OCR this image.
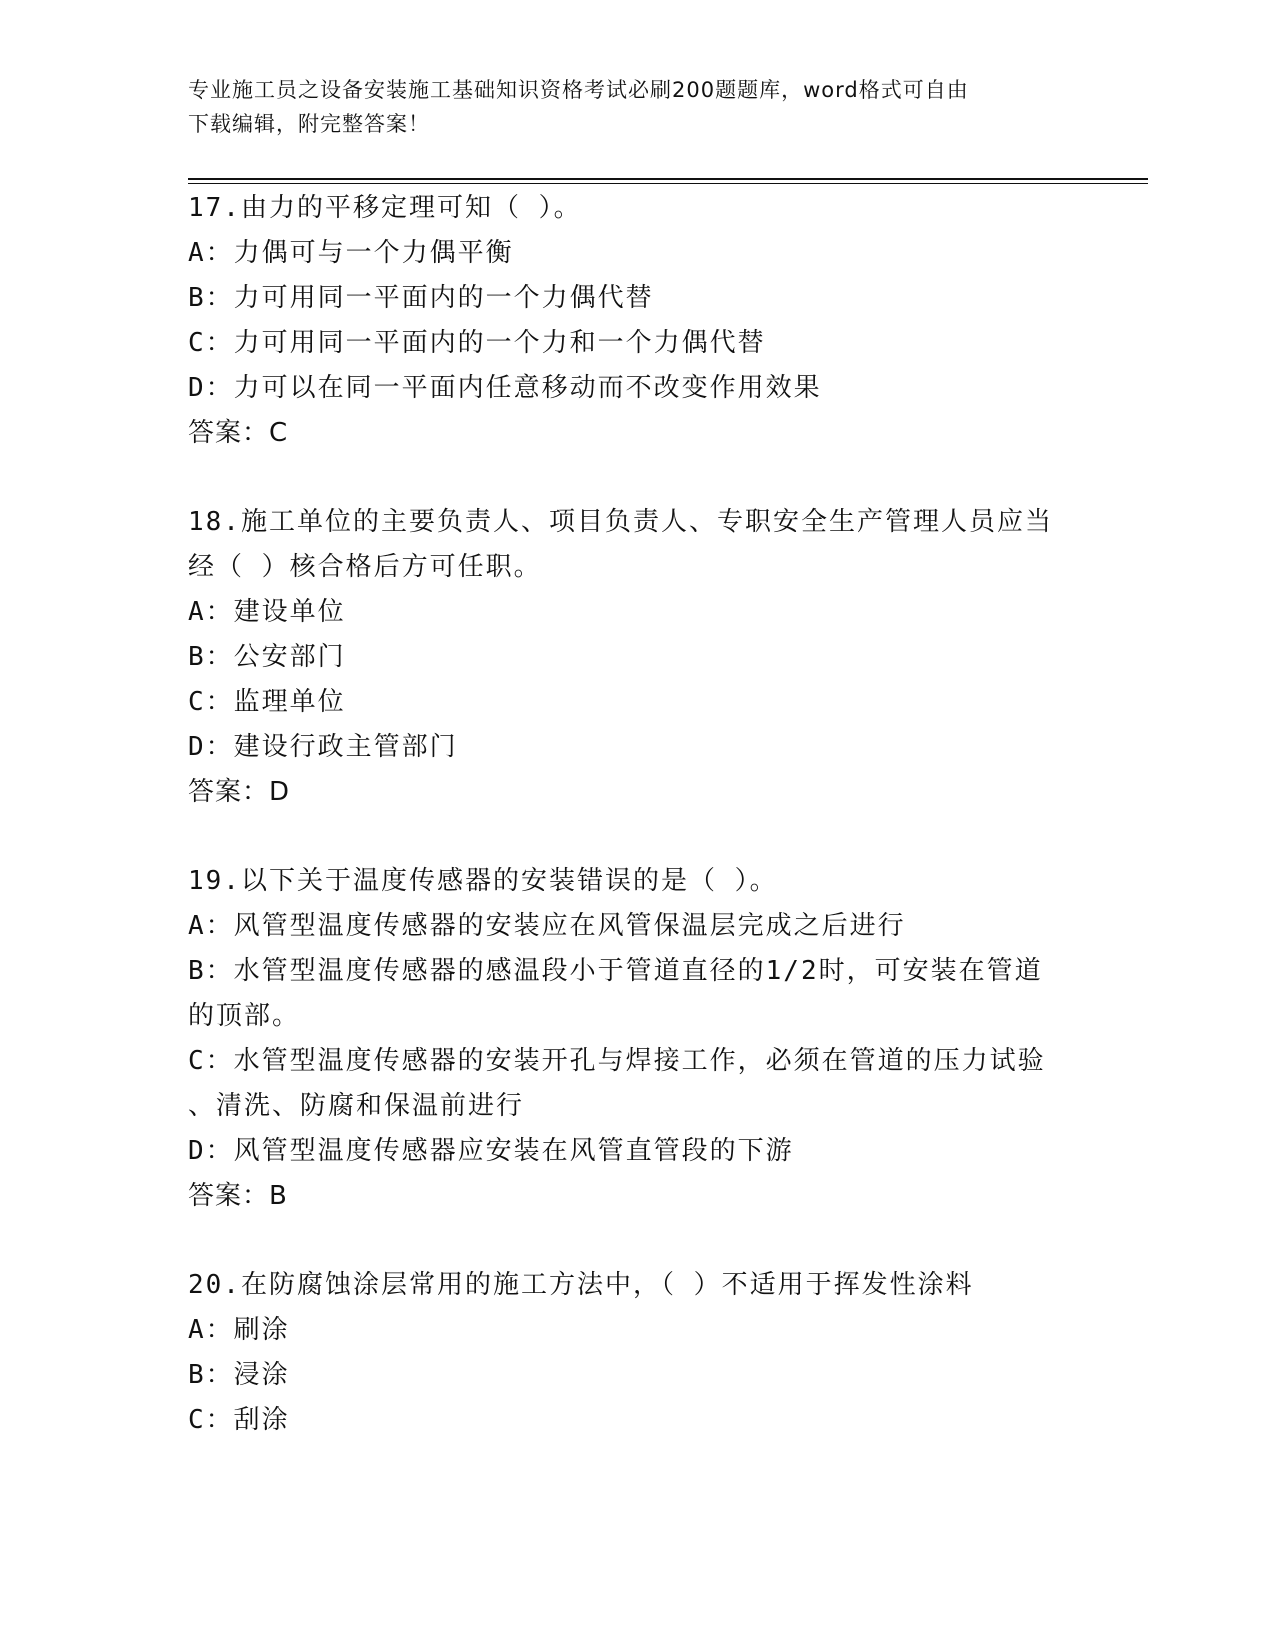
专业施工员之设备安装施工基础知识资格考试必刷200题题库，word格式可自由
下载编辑，附完整答案！
17.由力的平移定理可知（ ）。
A：力偶可与一个力偶平衡
B：力可用同一平面内的一个力偶代替
C：力可用同一平面内的一个力和一个力偶代替
D：力可以在同一平面内任意移动而不改变作用效果
答案：C
18.施工单位的主要负责人、项目负责人、专职安全生产管理人员应当
经（ ）核合格后方可任职。
A：建设单位
B：公安部门
C：监理单位
D：建设行政主管部门
答案：D
19.以下关于温度传感器的安装错误的是（ ）。
A：风管型温度传感器的安装应在风管保温层完成之后进行
B：水管型温度传感器的感温段小于管道直径的1/2时，可安装在管道
的顶部。
C：水管型温度传感器的安装开孔与焊接工作，必须在管道的压力试验
、清洗、防腐和保温前进行
D：风管型温度传感器应安装在风管直管段的下游
答案：B
20.在防腐蚀涂层常用的施工方法中，（ ）不适用于挥发性涂料
A：刷涂
B：浸涂
C：刮涂
